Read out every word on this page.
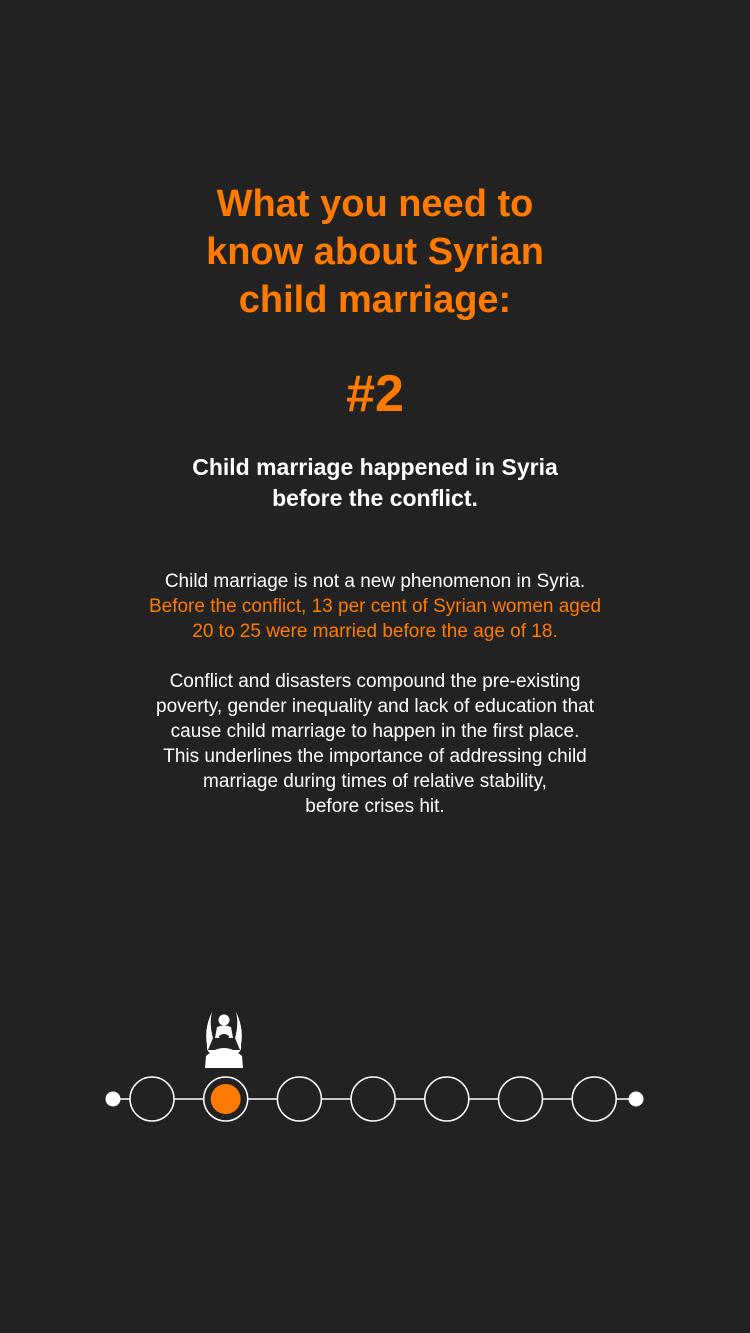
What you need to
know about Syrian
child marriage:
#2
Child marriage happened in Syria
before the conflict.

Child marriage is not a new phenomenon in Syria.
Before the conflict, 13 per cent of Syrian women aged
20 to 25 were married before the age of 18.

Conflict and disasters compound the pre-existing
poverty, gender inequality and lack of education that
cause child marriage to happen in the first place.
This underlines the importance of addressing child
marriage during times of relative stability,
before crises hit.
